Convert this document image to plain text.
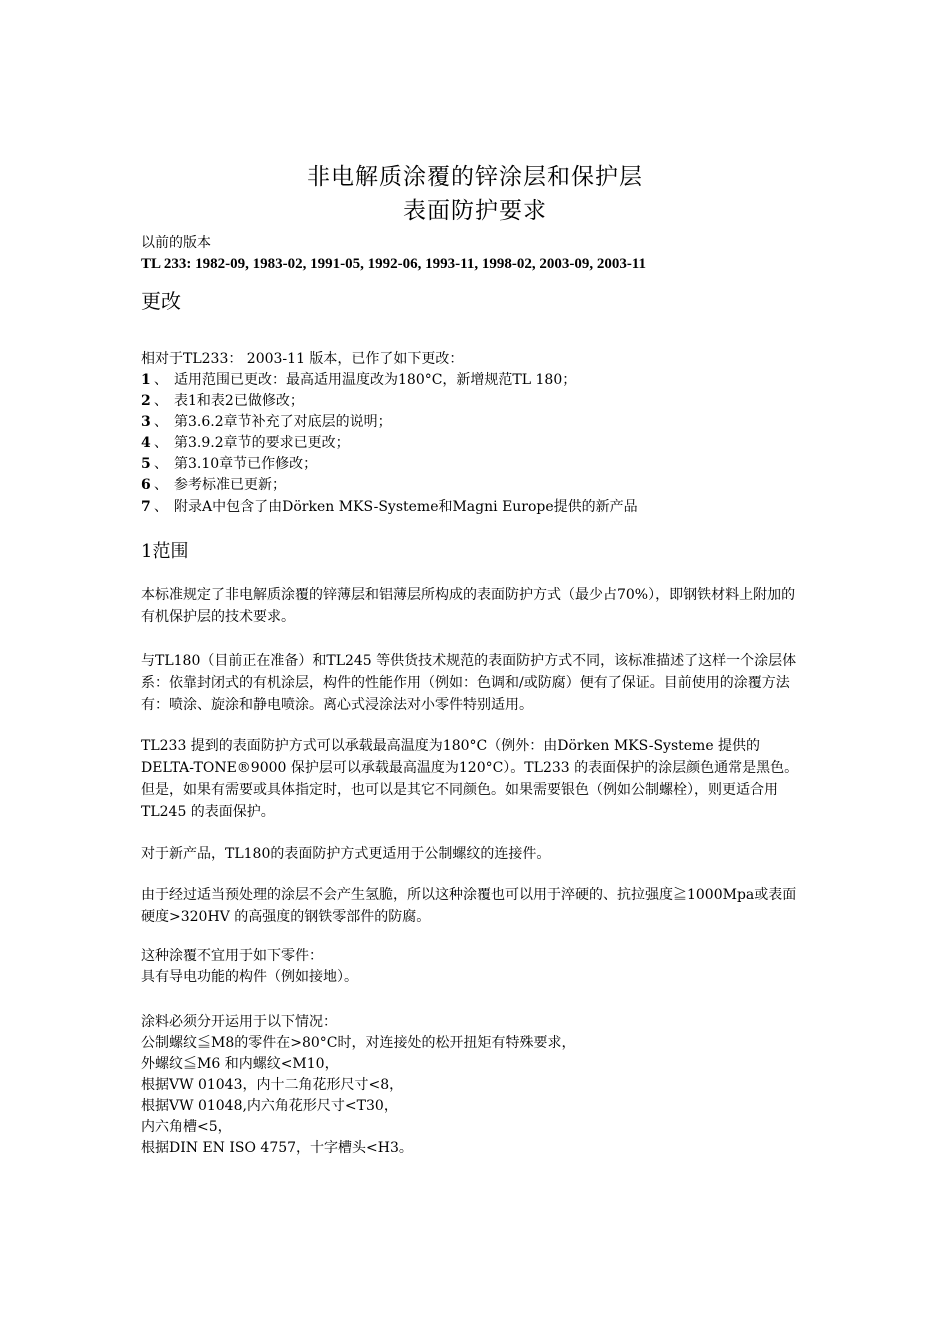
非电解质涂覆的锌涂层和保护层
表面防护要求
以前的版本
TL 233: 1982-09, 1983-02, 1991-05, 1992-06, 1993-11, 1998-02, 2003-09, 2003-11
更改
相对于TL233： 2003-11 版本，已作了如下更改：
1 、 适用范围已更改：最高适用温度改为180°C，新增规范TL 180；
2 、 表1和表2已做修改；
3 、 第3.6.2章节补充了对底层的说明；
4 、 第3.9.2章节的要求已更改；
5 、 第3.10章节已作修改；
6 、 参考标准已更新；
7 、 附录A中包含了由Dörken MKS-Systeme和Magni Europe提供的新产品
1范围
本标准规定了非电解质涂覆的锌薄层和铝薄层所构成的表面防护方式（最少占70%），即钢铁材料上附加的有机保护层的技术要求。
与TL180（目前正在准备）和TL245 等供货技术规范的表面防护方式不同，该标准描述了这样一个涂层体系：依靠封闭式的有机涂层，构件的性能作用（例如：色调和/或防腐）便有了保证。目前使用的涂覆方法有：喷涂、旋涂和静电喷涂。离心式浸涂法对小零件特别适用。
TL233 提到的表面防护方式可以承载最高温度为180°C（例外：由Dörken MKS-Systeme 提供的DELTA-TONE®9000 保护层可以承载最高温度为120°C）。TL233 的表面保护的涂层颜色通常是黑色。但是，如果有需要或具体指定时，也可以是其它不同颜色。如果需要银色（例如公制螺栓），则更适合用TL245 的表面保护。
对于新产品，TL180的表面防护方式更适用于公制螺纹的连接件。
由于经过适当预处理的涂层不会产生氢脆，所以这种涂覆也可以用于淬硬的、抗拉强度≧1000Mpa或表面硬度>320HV 的高强度的钢铁零部件的防腐。
这种涂覆不宜用于如下零件：
具有导电功能的构件（例如接地）。
涂料必须分开运用于以下情况：
公制螺纹≦M8的零件在>80°C时，对连接处的松开扭矩有特殊要求，
外螺纹≦M6 和内螺纹<M10，
根据VW 01043，内十二角花形尺寸<8，
根据VW 01048,内六角花形尺寸<T30，
内六角槽<5，
根据DIN EN ISO 4757，十字槽头<H3。
